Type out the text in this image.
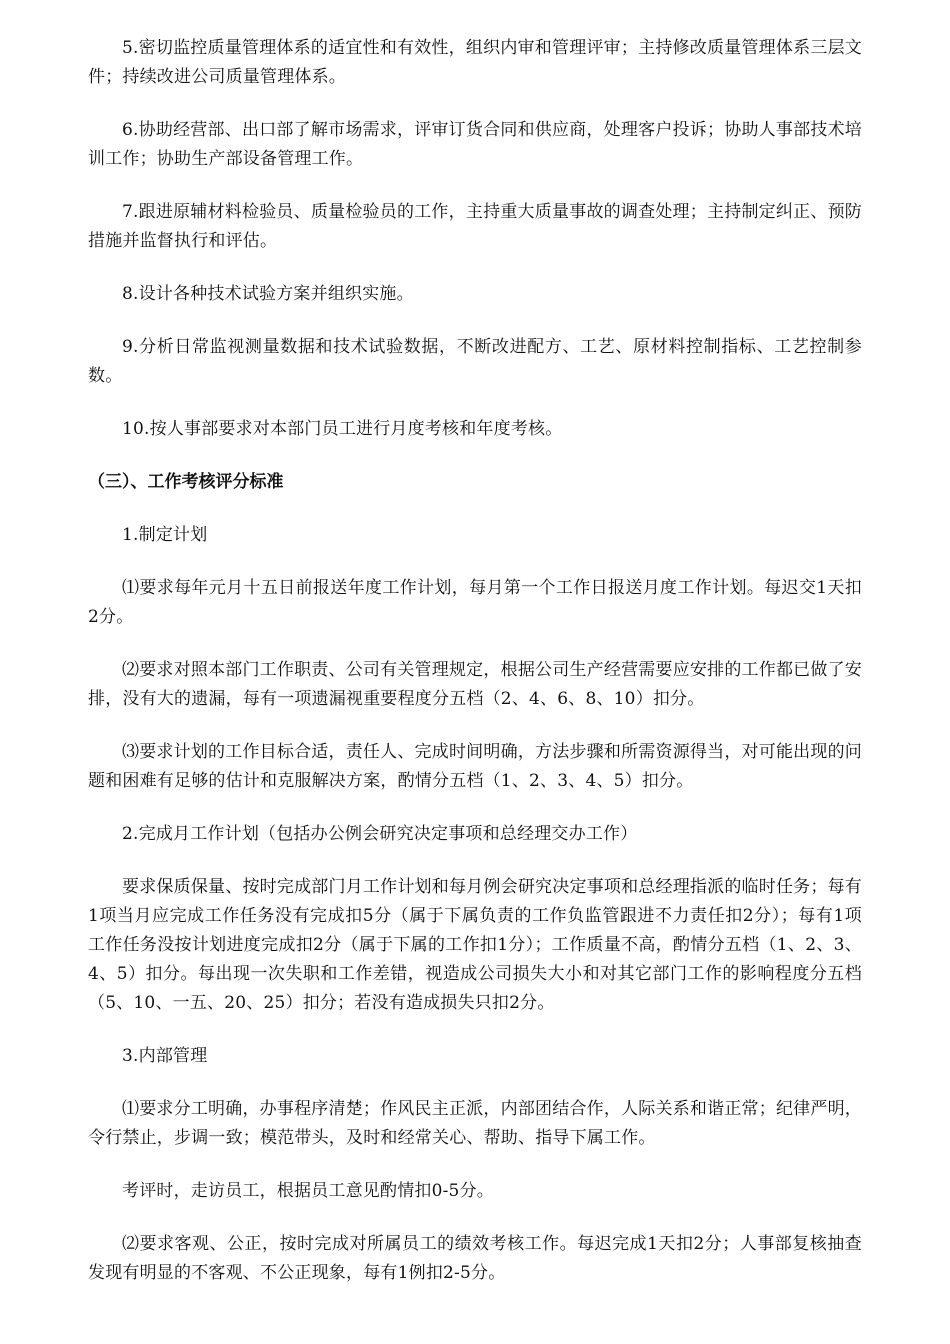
5.密切监控质量管理体系的适宜性和有效性，组织内审和管理评审；主持修改质量管理体系三层文件；持续改进公司质量管理体系。

6.协助经营部、出口部了解市场需求，评审订货合同和供应商，处理客户投诉；协助人事部技术培训工作；协助生产部设备管理工作。

7.跟进原辅材料检验员、质量检验员的工作，主持重大质量事故的调查处理；主持制定纠正、预防措施并监督执行和评估。

8.设计各种技术试验方案并组织实施。

9.分析日常监视测量数据和技术试验数据，不断改进配方、工艺、原材料控制指标、工艺控制参数。

10.按人事部要求对本部门员工进行月度考核和年度考核。

（三）、工作考核评分标准

1.制定计划

⑴要求每年元月十五日前报送年度工作计划，每月第一个工作日报送月度工作计划。每迟交1天扣2分。

⑵要求对照本部门工作职责、公司有关管理规定，根据公司生产经营需要应安排的工作都已做了安排，没有大的遗漏，每有一项遗漏视重要程度分五档（2、4、6、8、10）扣分。

⑶要求计划的工作目标合适，责任人、完成时间明确，方法步骤和所需资源得当，对可能出现的问题和困难有足够的估计和克服解决方案，酌情分五档（1、2、3、4、5）扣分。

2.完成月工作计划（包括办公例会研究决定事项和总经理交办工作）

要求保质保量、按时完成部门月工作计划和每月例会研究决定事项和总经理指派的临时任务；每有1项当月应完成工作任务没有完成扣5分（属于下属负责的工作负监管跟进不力责任扣2分）；每有1项工作任务没按计划进度完成扣2分（属于下属的工作扣1分）；工作质量不高，酌情分五档（1、2、3、4、5）扣分。每出现一次失职和工作差错，视造成公司损失大小和对其它部门工作的影响程度分五档（5、10、一五、20、25）扣分；若没有造成损失只扣2分。

3.内部管理

⑴要求分工明确，办事程序清楚；作风民主正派，内部团结合作，人际关系和谐正常；纪律严明，令行禁止，步调一致；模范带头，及时和经常关心、帮助、指导下属工作。

考评时，走访员工，根据员工意见酌情扣0-5分。

⑵要求客观、公正，按时完成对所属员工的绩效考核工作。每迟完成1天扣2分；人事部复核抽查发现有明显的不客观、不公正现象，每有1例扣2-5分。
